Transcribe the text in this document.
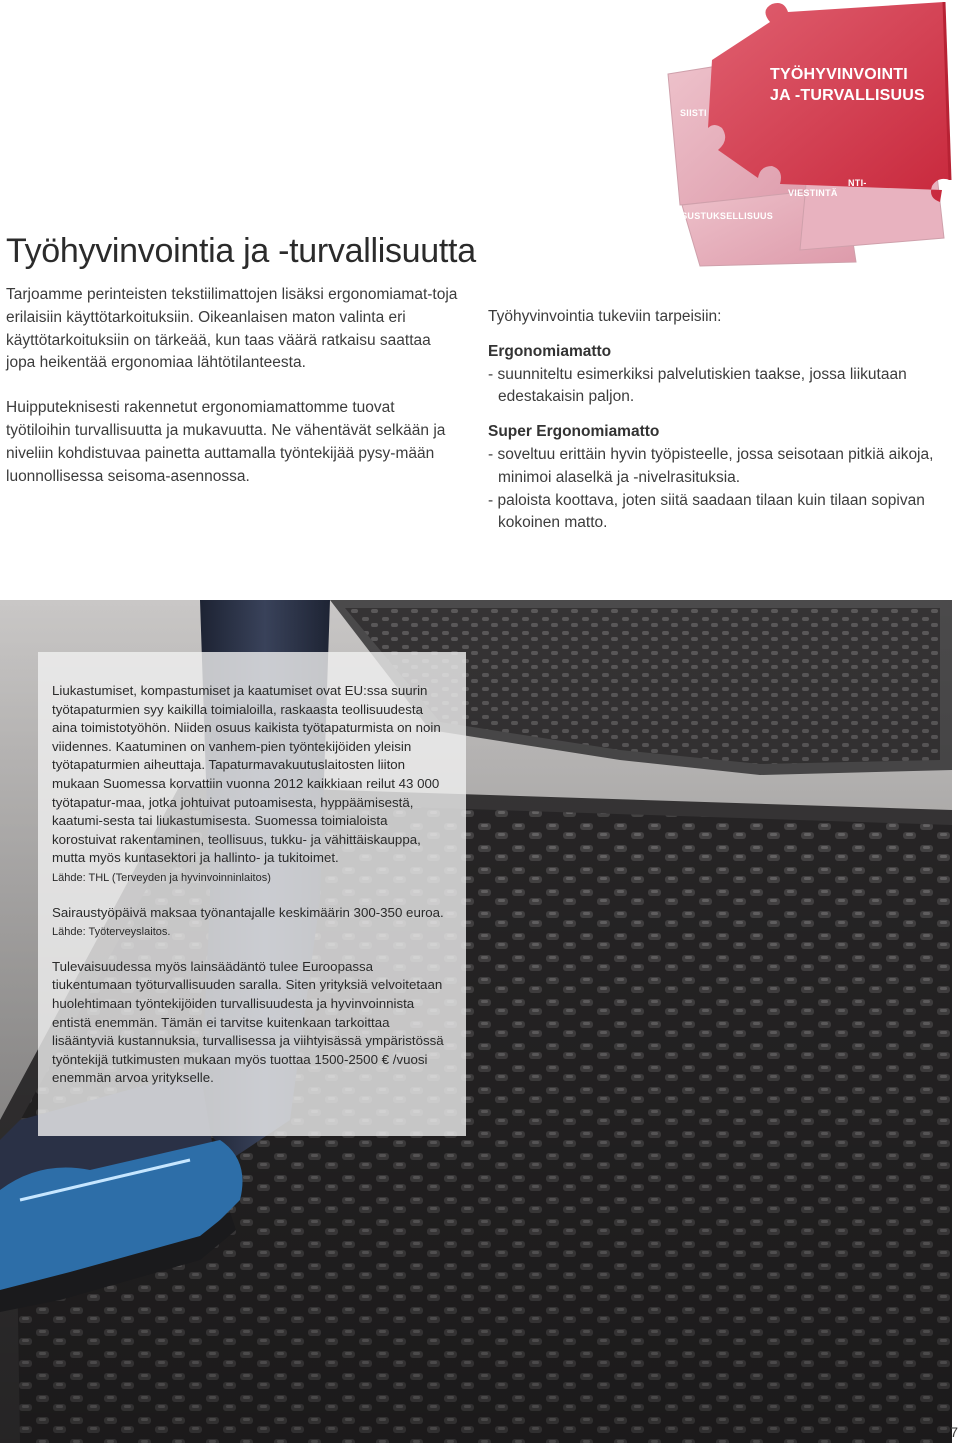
SIISTI
NTI-
VIESTINTÄ
SISUSTUKSELLISUUS
TYÖHYVINVOINTI
JA -TURVALLISUUS
Työhyvinvointia ja -turvallisuutta

Tarjoamme perinteisten tekstiilimattojen lisäksi ergonomiamat-toja erilaisiin käyttötarkoituksiin. Oikeanlaisen maton valinta eri käyttötarkoituksiin on tärkeää, kun taas väärä ratkaisu saattaa jopa heikentää ergonomiaa lähtötilanteesta.

Huipputeknisesti rakennetut ergonomiamattomme tuovat työtiloihin turvallisuutta ja mukavuutta. Ne vähentävät selkään ja niveliin kohdistuvaa painetta auttamalla työntekijää pysy-mään luonnollisessa seisoma-asennossa.

Työhyvinvointia tukeviin tarpeisiin:

Ergonomiamatto

- suunniteltu esimerkiksi palvelutiskien taakse, jossa liikutaan edestakaisin paljon.

Super Ergonomiamatto

- soveltuu erittäin hyvin työpisteelle, jossa seisotaan pitkiä aikoja, minimoi alaselkä ja -nivelrasituksia.

- paloista koottava, joten siitä saadaan tilaan kuin tilaan sopivan kokoinen matto.

Liukastumiset, kompastumiset ja kaatumiset ovat EU:ssa suurin työtapaturmien syy kaikilla toimialoilla, raskaasta teollisuudesta aina toimistotyöhön. Niiden osuus kaikista työtapaturmista on noin viidennes. Kaatuminen on vanhem-pien työntekijöiden yleisin työtapaturmien aiheuttaja. Tapaturmavakuutuslaitosten liiton mukaan Suomessa korvattiin vuonna 2012 kaikkiaan reilut 43 000 työtapatur-maa, jotka johtuivat putoamisesta, hyppäämisestä, kaatumi-sesta tai liukastumisesta. Suomessa toimialoista korostuivat rakentaminen, teollisuus, tukku- ja vähittäiskauppa, mutta myös kuntasektori ja hallinto- ja tukitoimet.
Lähde: THL (Terveyden ja hyvinvoinninlaitos)

Sairaustyöpäivä maksaa työnantajalle keskimäärin 300-350 euroa. Lähde: Työterveyslaitos.

Tulevaisuudessa myös lainsäädäntö tulee Euroopassa tiukentumaan työturvallisuuden saralla. Siten yrityksiä velvoitetaan huolehtimaan työntekijöiden turvallisuudesta ja hyvinvoinnista entistä enemmän. Tämän ei tarvitse kuitenkaan tarkoittaa lisääntyviä kustannuksia, turvallisessa ja viihtyisässä ympäristössä työntekijä tutkimusten mukaan myös tuottaa 1500-2500 € /vuosi enemmän arvoa yritykselle.

7
